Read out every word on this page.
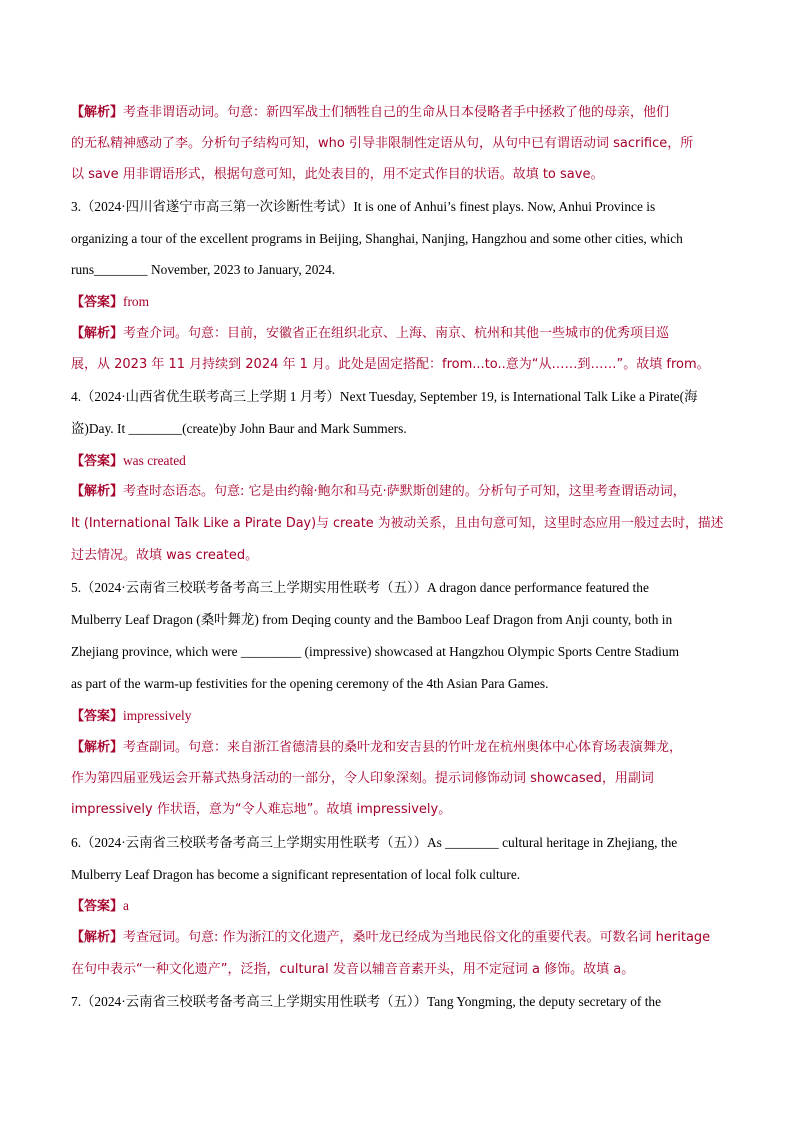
【解析】考查非谓语动词。句意：新四军战士们牺牲自己的生命从日本侵略者手中拯救了他的母亲，他们
的无私精神感动了李。分析句子结构可知，who 引导非限制性定语从句，从句中已有谓语动词 sacrifice，所
以 save 用非谓语形式，根据句意可知，此处表目的，用不定式作目的状语。故填 to save。
3.（2024·四川省遂宁市高三第一次诊断性考试）It is one of Anhui’s finest plays. Now, Anhui Province is
organizing a tour of the excellent programs in Beijing, Shanghai, Nanjing, Hangzhou and some other cities, which
runs________ November, 2023 to January, 2024.
【答案】from
【解析】考查介词。句意：目前，安徽省正在组织北京、上海、南京、杭州和其他一些城市的优秀项目巡
展，从 2023 年 11 月持续到 2024 年 1 月。此处是固定搭配：from...to..意为“从……到……”。故填 from。
4.（2024·山西省优生联考高三上学期 1 月考）Next Tuesday, September 19, is International Talk Like a Pirate(海
盗)Day. It ________(create)by John Baur and Mark Summers.
【答案】was created
【解析】考查时态语态。句意: 它是由约翰·鲍尔和马克·萨默斯创建的。分析句子可知，这里考查谓语动词，
It (International Talk Like a Pirate Day)与 create 为被动关系，且由句意可知，这里时态应用一般过去时，描述
过去情况。故填 was created。
5.（2024·云南省三校联考备考高三上学期实用性联考（五））A dragon dance performance featured the
Mulberry Leaf Dragon (桑叶舞龙) from Deqing county and the Bamboo Leaf Dragon from Anji county, both in
Zhejiang province, which were _________ (impressive) showcased at Hangzhou Olympic Sports Centre Stadium
as part of the warm-up festivities for the opening ceremony of the 4th Asian Para Games.
【答案】impressively
【解析】考查副词。句意：来自浙江省德清县的桑叶龙和安吉县的竹叶龙在杭州奥体中心体育场表演舞龙，
作为第四届亚残运会开幕式热身活动的一部分，令人印象深刻。提示词修饰动词 showcased，用副词
impressively 作状语，意为“令人难忘地”。故填 impressively。
6.（2024·云南省三校联考备考高三上学期实用性联考（五））As ________ cultural heritage in Zhejiang, the
Mulberry Leaf Dragon has become a significant representation of local folk culture.
【答案】a
【解析】考查冠词。句意: 作为浙江的文化遗产，桑叶龙已经成为当地民俗文化的重要代表。可数名词 heritage
在句中表示“一种文化遗产”，泛指，cultural 发音以辅音音素开头，用不定冠词 a 修饰。故填 a。
7.（2024·云南省三校联考备考高三上学期实用性联考（五））Tang Yongming, the deputy secretary of the
